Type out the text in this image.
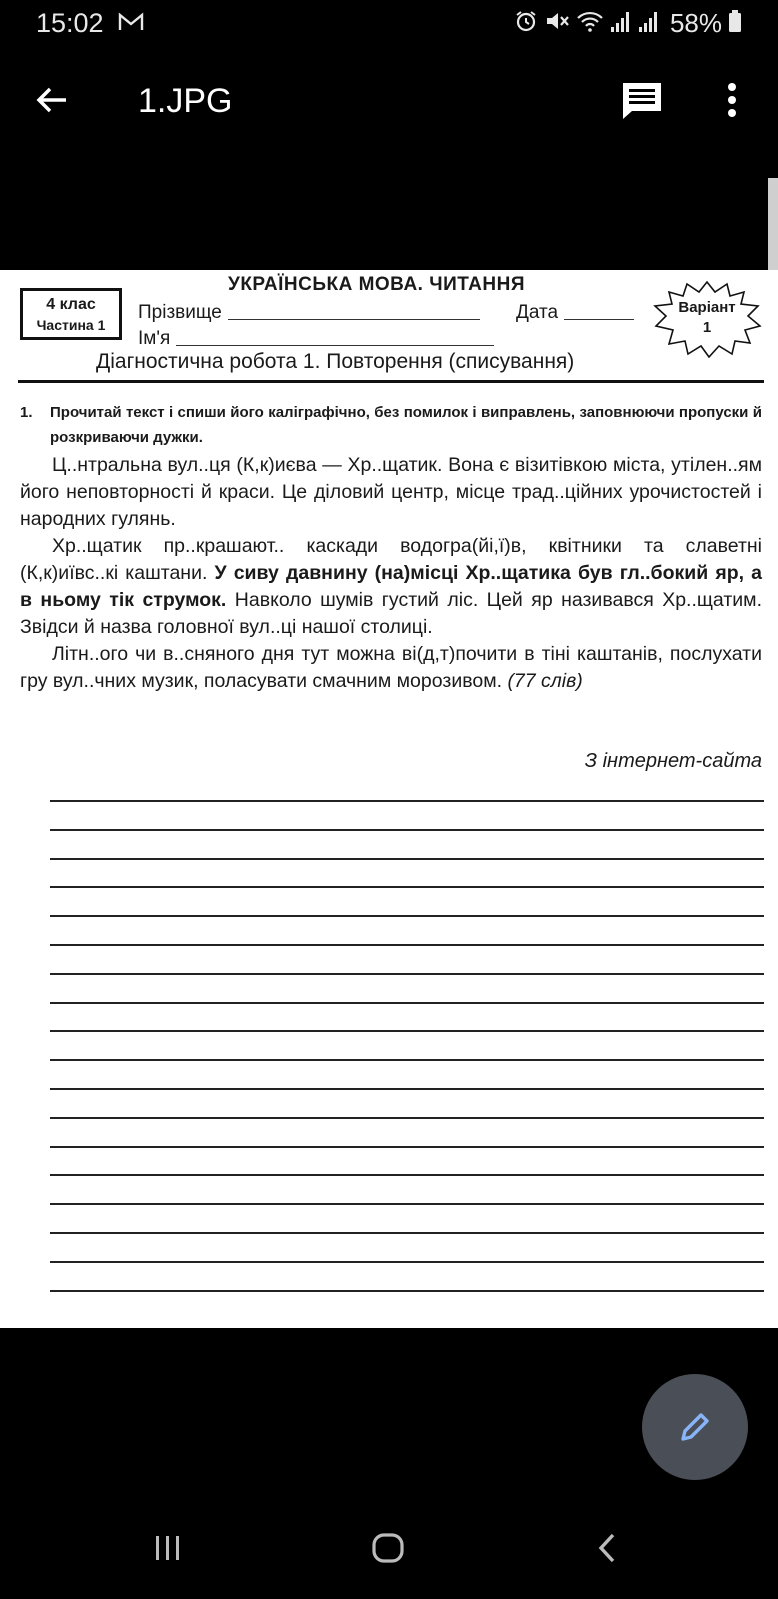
15:02	58%
1.JPG
4 клас
Частина 1
УКРАЇНСЬКА МОВА. ЧИТАННЯ
Прізвище	Дата
Ім'я
Варіант
1
Діагностична робота 1. Повторення (списування)
1. Прочитай текст і спиши його каліграфічно, без помилок і виправлень, заповнюючи пропуски й розкриваючи дужки.

Ц..нтральна вул..ця (К,к)иєва — Хр..щатик. Вона є візитівкою міста, утілен..ям його неповторності й краси. Це діловий центр, місце трад..ційних урочистостей і народних гулянь.

Хр..щатик пр..крашают.. каскади водогра(йі,ї)в, квітники та славетні (К,к)иївс..кі каштани. У сиву давнину (на)місці Хр..щатика був гл..бокий яр, а в ньому тік струмок. Навколо шумів густий ліс. Цей яр називався Хр..щатим. Звідси й назва головної вул..ці нашої столиці.

Літн..ого чи в..сняного дня тут можна ві(д,т)почити в тіні каштанів, послухати гру вул..чних музик, поласувати смачним морозивом. (77 слів)

З інтернет-сайта
